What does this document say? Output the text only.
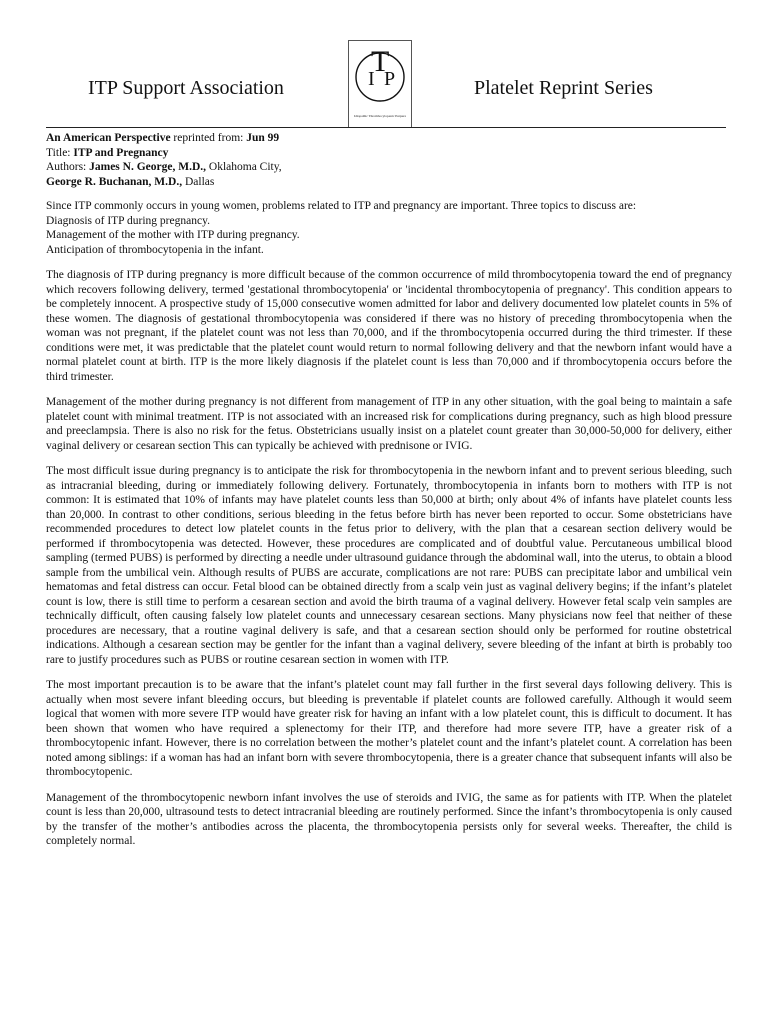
ITP Support Association	I
T
P
Idiopathic Thrombocytopenic Purpura
Platelet Reprint Series
An American Perspective reprinted from: Jun 99
Title: ITP and Pregnancy
Authors: James N. George, M.D., Oklahoma City,
George R. Buchanan, M.D., Dallas
Since ITP commonly occurs in young women, problems related to ITP and pregnancy are important. Three topics to discuss are:
Diagnosis of ITP during pregnancy.
Management of the mother with ITP during pregnancy.
Anticipation of thrombocytopenia in the infant.

The diagnosis of ITP during pregnancy is more difficult because of the common occurrence of mild thrombocytopenia toward the end of pregnancy which recovers following delivery, termed 'gestational thrombocytopenia' or 'incidental thrombocytopenia of pregnancy'. This condition appears to be completely innocent. A prospective study of 15,000 consecutive women admitted for labor and delivery documented low platelet counts in 5% of these women. The diagnosis of gestational thrombocytopenia was considered if there was no history of preceding thrombocytopenia when the woman was not pregnant, if the platelet count was not less than 70,000, and if the thrombocytopenia occurred during the third trimester. If these conditions were met, it was predictable that the platelet count would return to normal following delivery and that the newborn infant would have a normal platelet count at birth. ITP is the more likely diagnosis if the platelet count is less than 70,000 and if thrombocytopenia occurs before the third trimester.

Management of the mother during pregnancy is not different from management of ITP in any other situation, with the goal being to maintain a safe platelet count with minimal treatment. ITP is not associated with an increased risk for complications during pregnancy, such as high blood pressure and preeclampsia. There is also no risk for the fetus. Obstetricians usually insist on a platelet count greater than 30,000-50,000 for delivery, either vaginal delivery or cesarean section This can typically be achieved with prednisone or IVIG.

The most difficult issue during pregnancy is to anticipate the risk for thrombocytopenia in the newborn infant and to prevent serious bleeding, such as intracranial bleeding, during or immediately following delivery. Fortunately, thrombocytopenia in infants born to mothers with ITP is not common: It is estimated that 10% of infants may have platelet counts less than 50,000 at birth; only about 4% of infants have platelet counts less than 20,000. In contrast to other conditions, serious bleeding in the fetus before birth has never been reported to occur. Some obstetricians have recommended procedures to detect low platelet counts in the fetus prior to delivery, with the plan that a cesarean section delivery would be performed if thrombocytopenia was detected. However, these procedures are complicated and of doubtful value. Percutaneous umbilical blood sampling (termed PUBS) is performed by directing a needle under ultrasound guidance through the abdominal wall, into the uterus, to obtain a blood sample from the umbilical vein. Although results of PUBS are accurate, complications are not rare: PUBS can precipitate labor and umbilical vein hematomas and fetal distress can occur. Fetal blood can be obtained directly from a scalp vein just as vaginal delivery begins; if the infant’s platelet count is low, there is still time to perform a cesarean section and avoid the birth trauma of a vaginal delivery. However fetal scalp vein samples are technically difficult, often causing falsely low platelet counts and unnecessary cesarean sections. Many physicians now feel that neither of these procedures are necessary, that a routine vaginal delivery is safe, and that a cesarean section should only be performed for routine obstetrical indications. Although a cesarean section may be gentler for the infant than a vaginal delivery, severe bleeding of the infant at birth is probably too rare to justify procedures such as PUBS or routine cesarean section in women with ITP.

The most important precaution is to be aware that the infant’s platelet count may fall further in the first several days following delivery. This is actually when most severe infant bleeding occurs, but bleeding is preventable if platelet counts are followed carefully. Although it would seem logical that women with more severe ITP would have greater risk for having an infant with a low platelet count, this is difficult to document. It has been shown that women who have required a splenectomy for their ITP, and therefore had more severe ITP, have a greater risk of a thrombocytopenic infant. However, there is no correlation between the mother’s platelet count and the infant’s platelet count. A correlation has been noted among siblings: if a woman has had an infant born with severe thrombocytopenia, there is a greater chance that subsequent infants will also be thrombocytopenic.

Management of the thrombocytopenic newborn infant involves the use of steroids and IVIG, the same as for patients with ITP. When the platelet count is less than 20,000, ultrasound tests to detect intracranial bleeding are routinely performed. Since the infant’s thrombocytopenia is only caused by the transfer of the mother’s antibodies across the placenta, the thrombocytopenia persists only for several weeks. Thereafter, the child is completely normal.
